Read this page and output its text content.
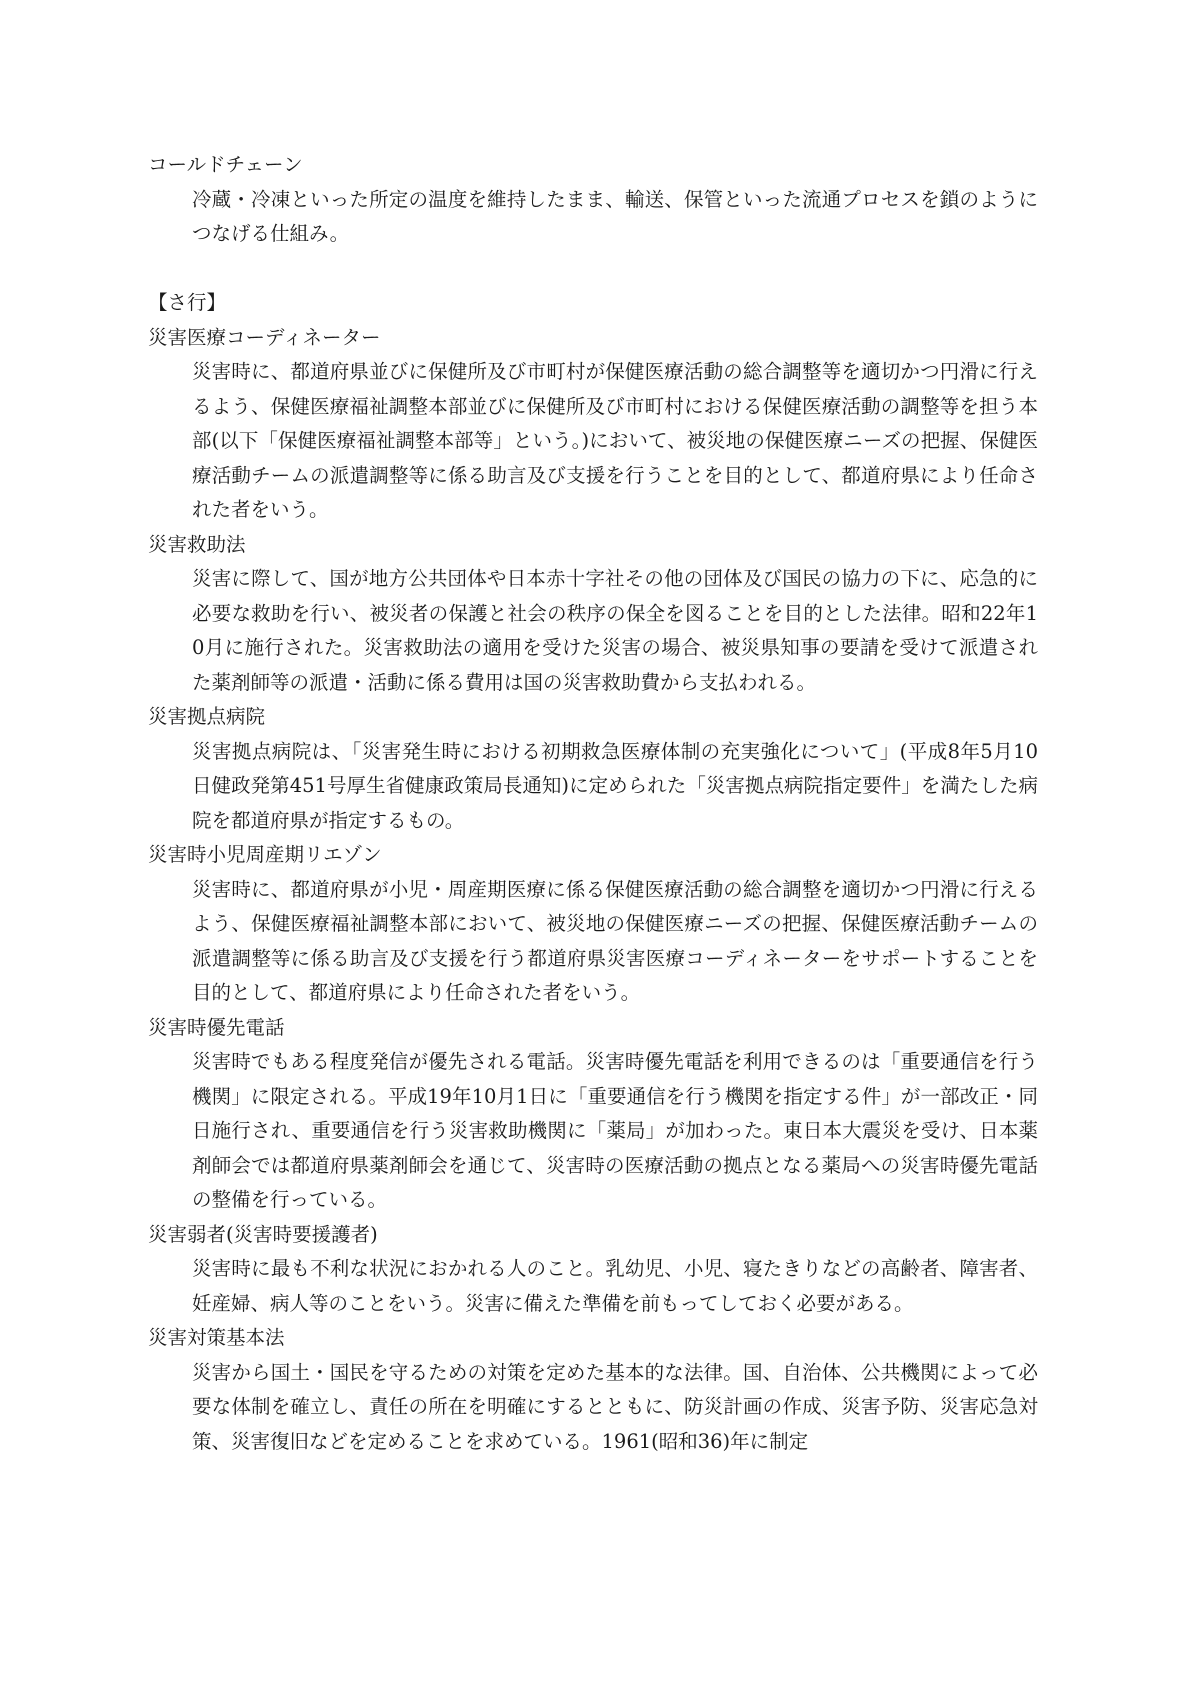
コールドチェーン

冷蔵・冷凍といった所定の温度を維持したまま、輸送、保管といった流通プロセスを鎖のようにつなげる仕組み。

【さ行】

災害医療コーディネーター

災害時に、都道府県並びに保健所及び市町村が保健医療活動の総合調整等を適切かつ円滑に行えるよう、保健医療福祉調整本部並びに保健所及び市町村における保健医療活動の調整等を担う本部(以下「保健医療福祉調整本部等」という。)において、被災地の保健医療ニーズの把握、保健医療活動チームの派遣調整等に係る助言及び支援を行うことを目的として、都道府県により任命された者をいう。

災害救助法

災害に際して、国が地方公共団体や日本赤十字社その他の団体及び国民の協力の下に、応急的に必要な救助を行い、被災者の保護と社会の秩序の保全を図ることを目的とした法律。昭和22年10月に施行された。災害救助法の適用を受けた災害の場合、被災県知事の要請を受けて派遣された薬剤師等の派遣・活動に係る費用は国の災害救助費から支払われる。

災害拠点病院

災害拠点病院は、「災害発生時における初期救急医療体制の充実強化について」(平成8年5月10日健政発第451号厚生省健康政策局長通知)に定められた「災害拠点病院指定要件」を満たした病院を都道府県が指定するもの。

災害時小児周産期リエゾン

災害時に、都道府県が小児・周産期医療に係る保健医療活動の総合調整を適切かつ円滑に行えるよう、保健医療福祉調整本部において、被災地の保健医療ニーズの把握、保健医療活動チームの派遣調整等に係る助言及び支援を行う都道府県災害医療コーディネーターをサポートすることを目的として、都道府県により任命された者をいう。

災害時優先電話

災害時でもある程度発信が優先される電話。災害時優先電話を利用できるのは「重要通信を行う機関」に限定される。平成19年10月1日に「重要通信を行う機関を指定する件」が一部改正・同日施行され、重要通信を行う災害救助機関に「薬局」が加わった。東日本大震災を受け、日本薬剤師会では都道府県薬剤師会を通じて、災害時の医療活動の拠点となる薬局への災害時優先電話の整備を行っている。

災害弱者(災害時要援護者)

災害時に最も不利な状況におかれる人のこと。乳幼児、小児、寝たきりなどの高齢者、障害者、妊産婦、病人等のことをいう。災害に備えた準備を前もってしておく必要がある。

災害対策基本法

災害から国土・国民を守るための対策を定めた基本的な法律。国、自治体、公共機関によって必要な体制を確立し、責任の所在を明確にするとともに、防災計画の作成、災害予防、災害応急対策、災害復旧などを定めることを求めている。1961(昭和36)年に制定
